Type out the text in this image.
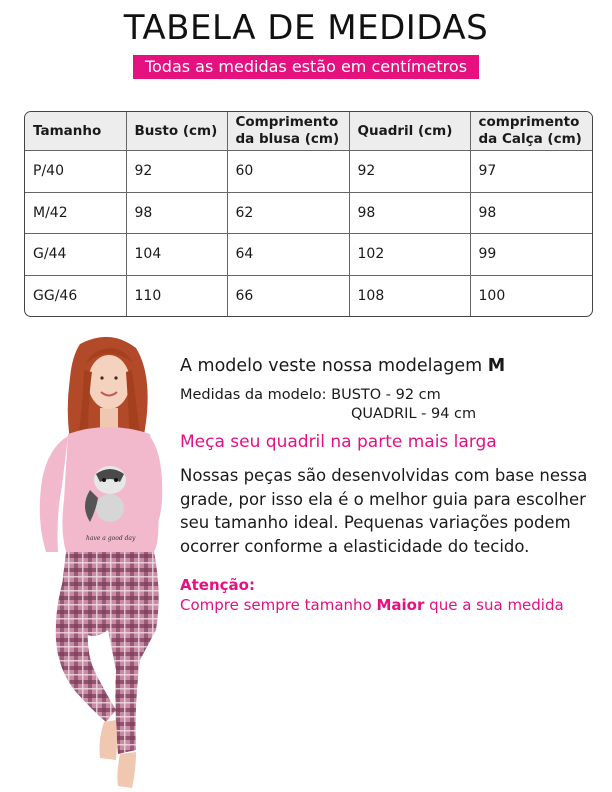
TABELA DE MEDIDAS
Todas as medidas estão em centímetros
Tamanho	Busto (cm)	Comprimento da blusa (cm)	Quadril (cm)	comprimento da Calça (cm)
P/40	92	60	92	97
M/42	98	62	98	98
G/44	104	64	102	99
GG/46	110	66	108	100
have a good day

A modelo veste nossa modelagem M

Medidas da modelo: BUSTO - 92 cm
QUADRIL - 94 cm
Meça seu quadril na parte mais larga
Nossas peças são desenvolvidas com base nessa grade, por isso ela é o melhor guia para escolher seu tamanho ideal. Pequenas variações podem ocorrer conforme a elasticidade do tecido.
Atenção:
Compre sempre tamanho Maior que a sua medida
